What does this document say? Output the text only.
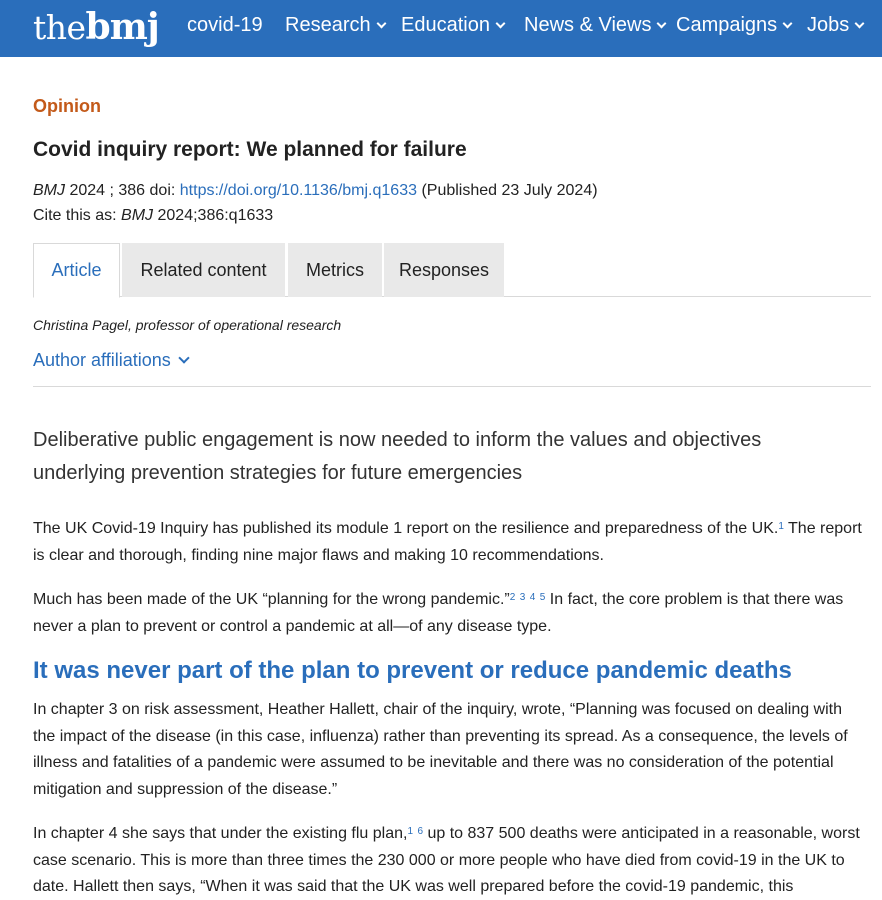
the bmj covid-19 Research Education News & Views Campaigns Jobs
Opinion
Covid inquiry report: We planned for failure
BMJ 2024 ; 386 doi: https://doi.org/10.1136/bmj.q1633 (Published 23 July 2024)
Cite this as: BMJ 2024;386:q1633
Article Related content Metrics Responses
Christina Pagel, professor of operational research
Author affiliations

Deliberative public engagement is now needed to inform the values and objectives underlying prevention strategies for future emergencies

The UK Covid-19 Inquiry has published its module 1 report on the resilience and preparedness of the UK.$^1$ The report is clear and thorough, finding nine major flaws and making 10 recommendations.

Much has been made of the UK “planning for the wrong pandemic.”$^2$ $^3$ $^4$ $^5$ In fact, the core problem is that there was never a plan to prevent or control a pandemic at all—of any disease type.

It was never part of the plan to prevent or reduce pandemic deaths

In chapter 3 on risk assessment, Heather Hallett, chair of the inquiry, wrote, “Planning was focused on dealing with the impact of the disease (in this case, influenza) rather than preventing its spread. As a consequence, the levels of illness and fatalities of a pandemic were assumed to be inevitable and there was no consideration of the potential mitigation and suppression of the disease.”

In chapter 4 she says that under the existing flu plan,$^1$ $^6$ up to 837 500 deaths were anticipated in a reasonable, worst case scenario. This is more than three times the 230 000 or more people who have died from covid-19 in the UK to date. Hallett then says, “When it was said that the UK was well prepared before the covid-19 pandemic, this
